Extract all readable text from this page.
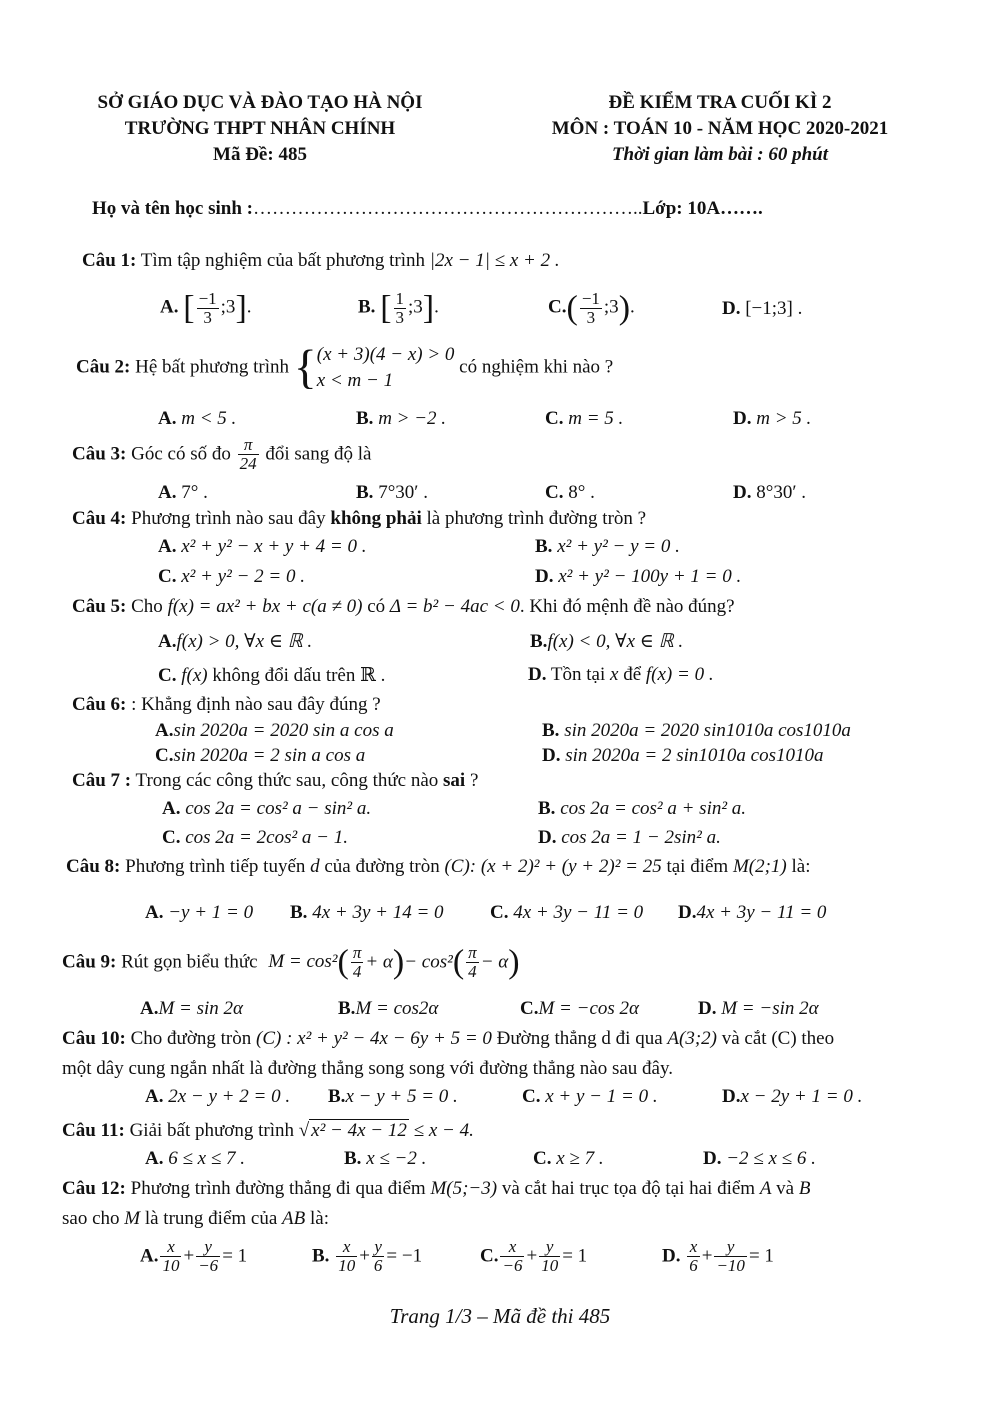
SỞ GIÁO DỤC VÀ ĐÀO TẠO HÀ NỘI
TRƯỜNG THPT NHÂN CHÍNH
Mã Đề: 485
ĐỀ KIỂM TRA CUỐI KÌ 2
MÔN : TOÁN 10 - NĂM HỌC 2020-2021
Thời gian làm bài : 60 phút
Họ và tên học sinh :……………………………………………………..Lớp: 10A…….
Câu 1: Tìm tập nghiệm của bất phương trình |2x − 1| ≤ x + 2 .
A. [ $\frac{-1}{3}$ ;3].	B. [ $\frac{1}{3}$ ;3].	$C.( \frac{-1}{3}$ ;3).	D. [−1;3] .
Câu 2: Hệ bất phương trình { (x + 3)(4 − x) > 0
x < m − 1
có nghiệm khi nào ?
A. m < 5 .	B. m > −2 .	C. m = 5 .	D. m > 5 .
Câu 3: Góc có số đo $\frac{\pi}{24}$ đổi sang độ là
A. 7° .	B. 7°30′ .	C. 8° .	D. 8°30′ .
Câu 4: Phương trình nào sau đây không phải là phương trình đường tròn ?
A. x² + y² − x + y + 4 = 0 .	B. x² + y² − y = 0 .
C. x² + y² − 2 = 0 .	D. x² + y² − 100y + 1 = 0 .
Câu 5: Cho f(x) = ax² + bx + c(a ≠ 0) có Δ = b² − 4ac < 0. Khi đó mệnh đề nào đúng?
A.f(x) > 0, ∀x ∈ ℝ .	B.f(x) < 0, ∀x ∈ ℝ .
C. f(x) không đổi dấu trên ℝ .	D. Tồn tại x để f(x) = 0 .
Câu 6: : Khẳng định nào sau đây đúng ?
A.sin 2020a = 2020 sin a cos a	B. sin 2020a = 2020 sin1010a cos1010a
C.sin 2020a = 2 sin a cos a	D. sin 2020a = 2 sin1010a cos1010a
Câu 7 : Trong các công thức sau, công thức nào sai ?
A. cos 2a = cos² a − sin² a.	B. cos 2a = cos² a + sin² a.
C. cos 2a = 2cos² a − 1.	D. cos 2a = 1 − 2sin² a.
Câu 8: Phương trình tiếp tuyến d của đường tròn (C): (x + 2)² + (y + 2)² = 25 tại điểm M(2;1) là:
A. −y + 1 = 0 B. 4x + 3y + 14 = 0 C. 4x + 3y − 11 = 0 D.4x + 3y − 11 = 0
Câu 9: Rút gọn biểu thức $M = \cos^2( \frac{\pi}{4} + \alpha)- \cos^2( \frac{\pi}{4} - \alpha)$
A.M = sin 2α	B.M = cos2α	C.M = −cos 2α	D. M = −sin 2α
Câu 10: Cho đường tròn (C) : x² + y² − 4x − 6y + 5 = 0 Đường thẳng d đi qua A(3;2) và cắt (C) theo
một dây cung ngắn nhất là đường thẳng song song với đường thẳng nào sau đây.
A. 2x − y + 2 = 0 . B.x − y + 5 = 0 .	C. x + y − 1 = 0 .	D.x − 2y + 1 = 0 .
Câu 11: Giải bất phương trình √ x² − 4x − 12 ≤ x − 4.
A. 6 ≤ x ≤ 7 .	B. x ≤ −2 .	C. x ≥ 7 .	D. −2 ≤ x ≤ 6 .
Câu 12: Phương trình đường thẳng đi qua điểm M(5;−3) và cắt hai trục tọa độ tại hai điểm A và B
sao cho M là trung điểm của AB là:
A. $\frac{x}{10} + \frac{y}{-6} = 1$	B. $\frac{x}{10} + \frac{y}{6} = -1$	C. $\frac{x}{-6} + \frac{y}{10} = 1$	D. $\frac{x}{6} + \frac{y}{-10} = 1$
Trang 1/3 – Mã đề thi 485
